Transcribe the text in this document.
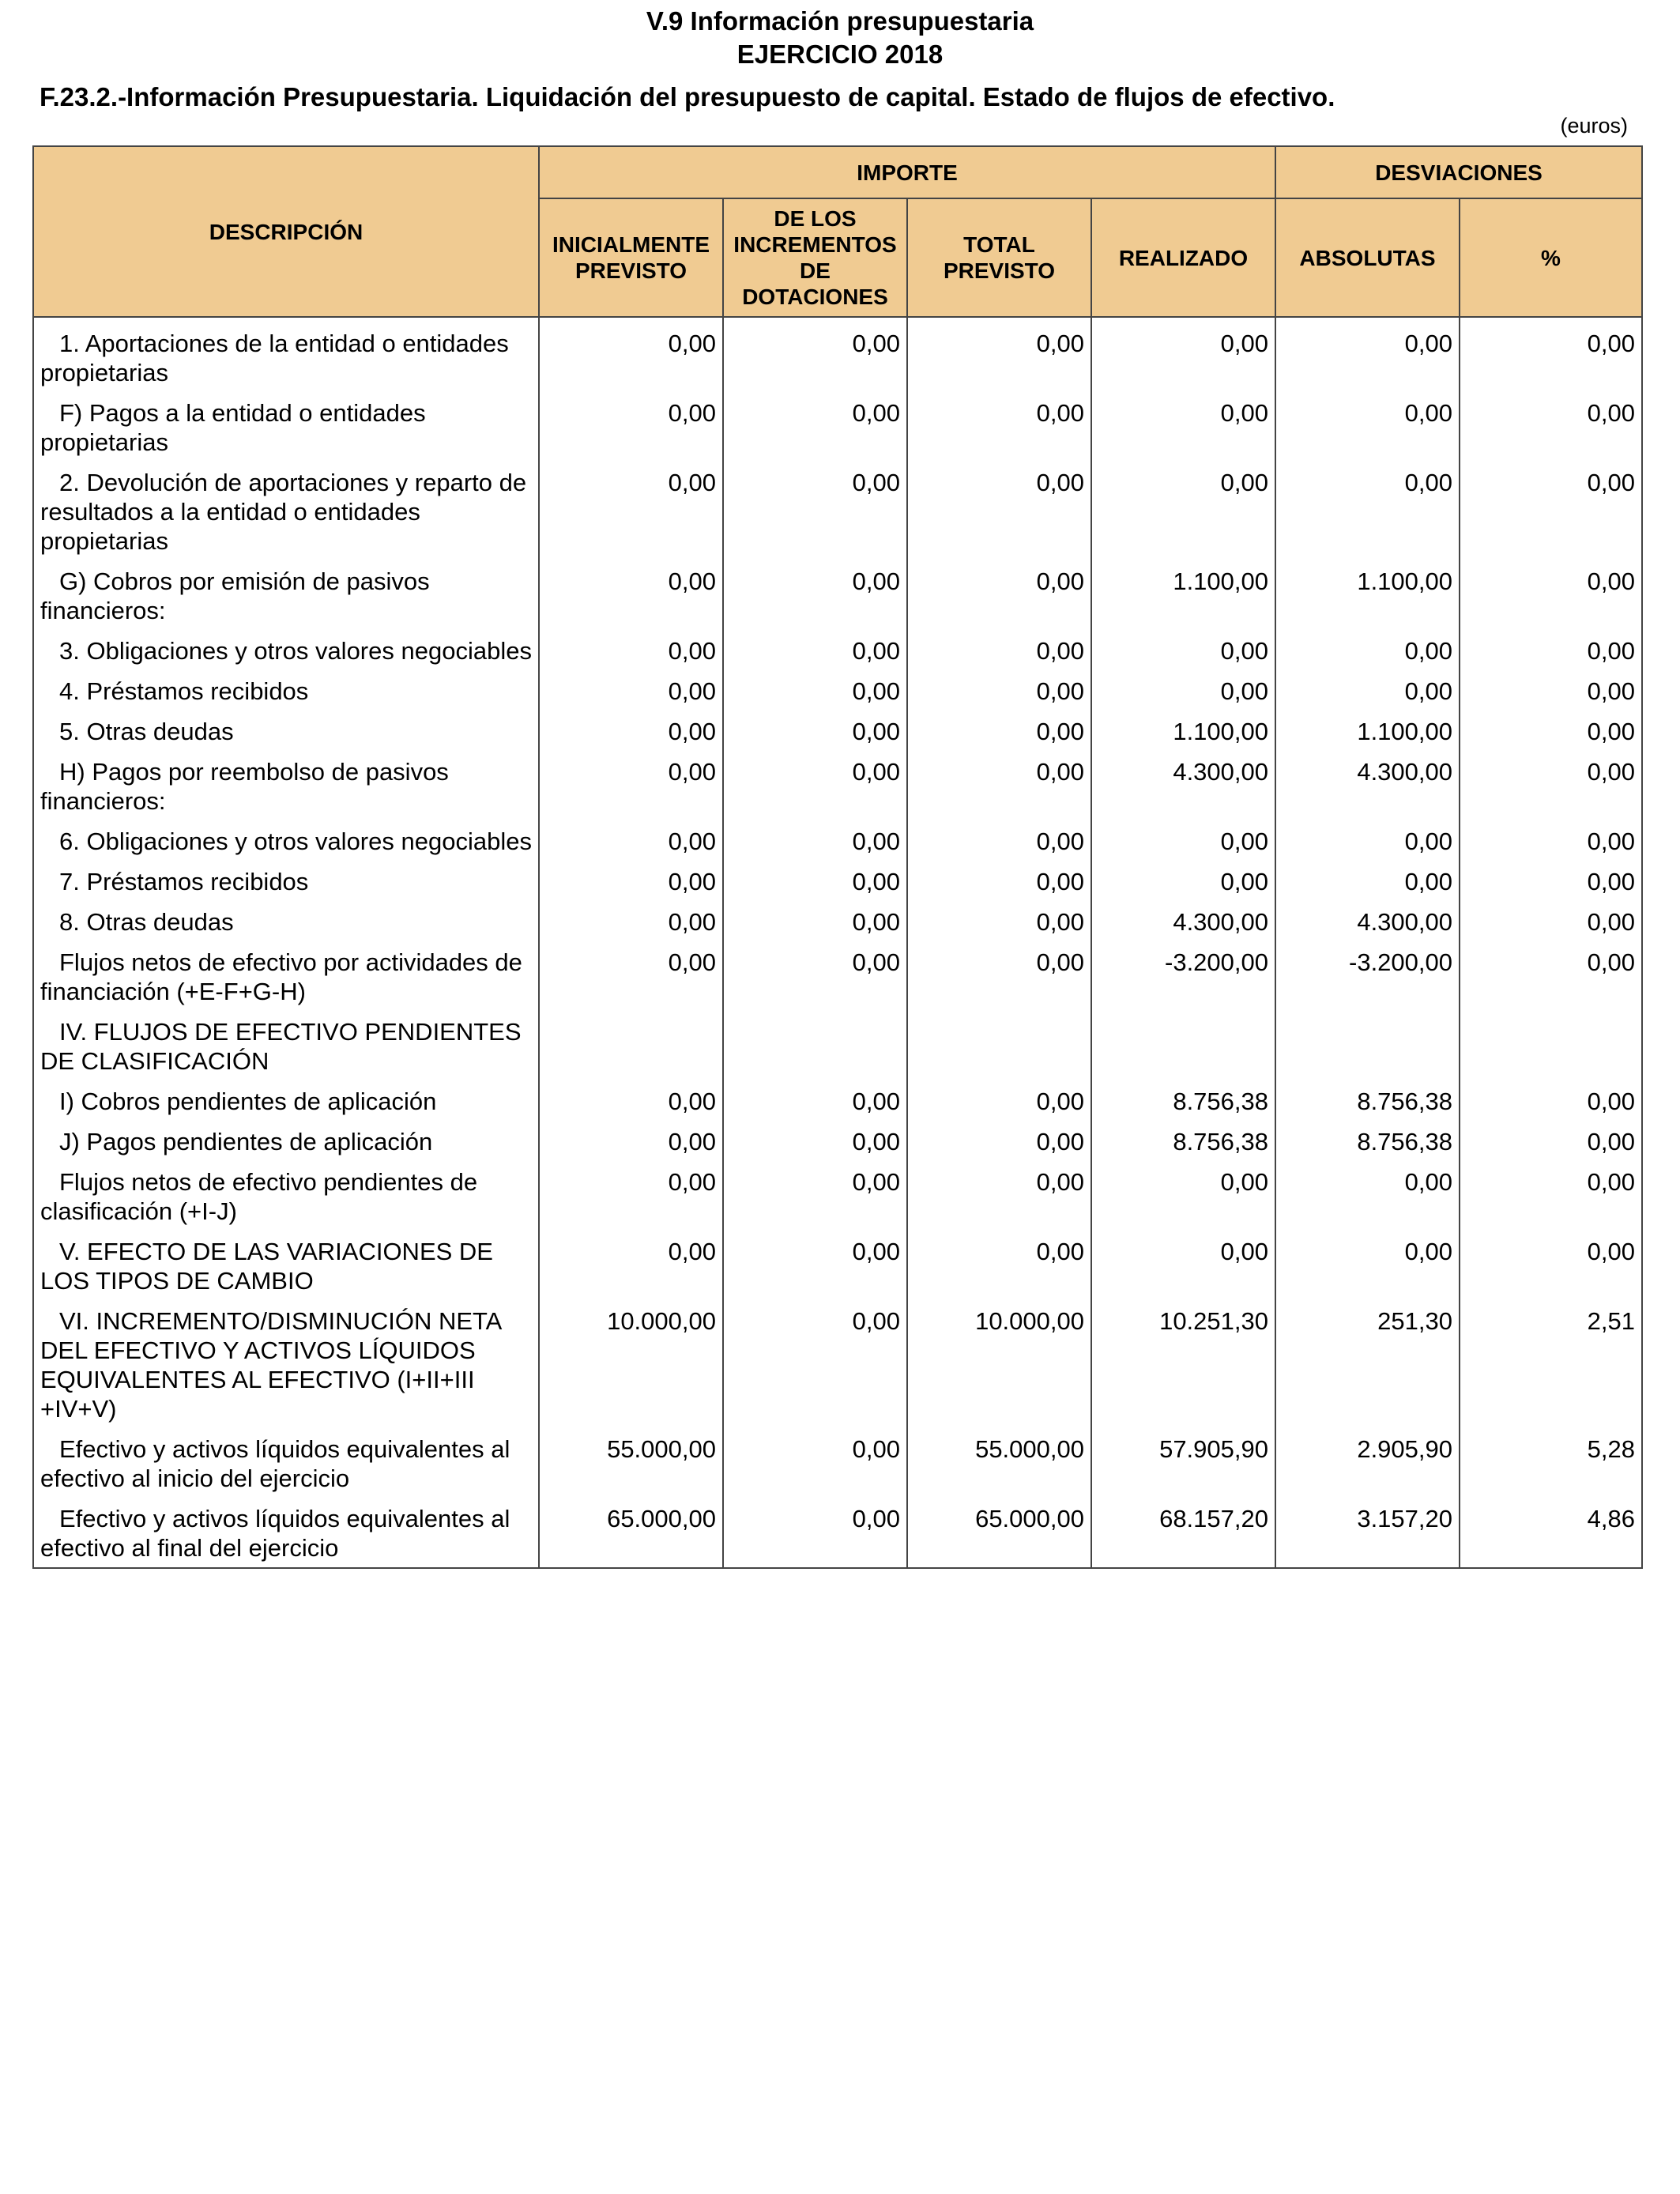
V.9 Información presupuestaria
EJERCICIO 2018
F.23.2.-Información Presupuestaria. Liquidación del presupuesto de capital. Estado de flujos de efectivo.
(euros)
DESCRIPCIÓN	IMPORTE				DESVIACIONES	
	INICIALMENTE PREVISTO	DE LOS INCREMENTOS DE DOTACIONES	TOTAL PREVISTO	REALIZADO	ABSOLUTAS	%
1. Aportaciones de la entidad o entidades propietarias	0,00	0,00	0,00	0,00	0,00	0,00
F) Pagos a la entidad o entidades propietarias	0,00	0,00	0,00	0,00	0,00	0,00
2. Devolución de aportaciones y reparto de resultados a la entidad o entidades propietarias	0,00	0,00	0,00	0,00	0,00	0,00
G) Cobros por emisión de pasivos financieros:	0,00	0,00	0,00	1.100,00	1.100,00	0,00
3. Obligaciones y otros valores negociables	0,00	0,00	0,00	0,00	0,00	0,00
4. Préstamos recibidos	0,00	0,00	0,00	0,00	0,00	0,00
5. Otras deudas	0,00	0,00	0,00	1.100,00	1.100,00	0,00
H) Pagos por reembolso de pasivos financieros:	0,00	0,00	0,00	4.300,00	4.300,00	0,00
6. Obligaciones y otros valores negociables	0,00	0,00	0,00	0,00	0,00	0,00
7. Préstamos recibidos	0,00	0,00	0,00	0,00	0,00	0,00
8. Otras deudas	0,00	0,00	0,00	4.300,00	4.300,00	0,00
Flujos netos de efectivo por actividades de financiación (+E-F+G-H)	0,00	0,00	0,00	-3.200,00	-3.200,00	0,00
IV. FLUJOS DE EFECTIVO PENDIENTES DE CLASIFICACIÓN						
I) Cobros pendientes de aplicación	0,00	0,00	0,00	8.756,38	8.756,38	0,00
J) Pagos pendientes de aplicación	0,00	0,00	0,00	8.756,38	8.756,38	0,00
Flujos netos de efectivo pendientes de clasificación (+I-J)	0,00	0,00	0,00	0,00	0,00	0,00
V. EFECTO DE LAS VARIACIONES DE LOS TIPOS DE CAMBIO	0,00	0,00	0,00	0,00	0,00	0,00
VI. INCREMENTO/DISMINUCIÓN NETA DEL EFECTIVO Y ACTIVOS LÍQUIDOS EQUIVALENTES AL EFECTIVO (I+II+III +IV+V)	10.000,00	0,00	10.000,00	10.251,30	251,30	2,51
Efectivo y activos líquidos equivalentes al efectivo al inicio del ejercicio	55.000,00	0,00	55.000,00	57.905,90	2.905,90	5,28
Efectivo y activos líquidos equivalentes al efectivo al final del ejercicio	65.000,00	0,00	65.000,00	68.157,20	3.157,20	4,86
